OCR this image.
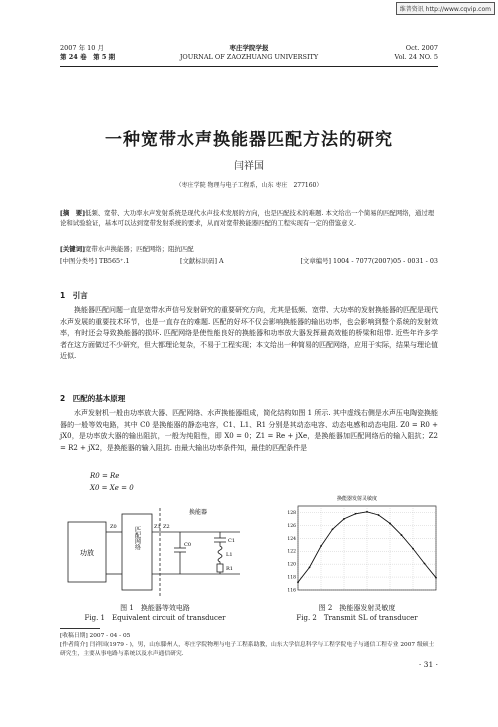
维普资讯 http://www.cqvip.com
2007 年 10 月
第 24 卷　第 5 期
枣庄学院学报
JOURNAL OF ZAOZHUANG UNIVERSITY
Oct. 2007
Vol. 24 NO. 5
一种宽带水声换能器匹配方法的研究
闫祥国
（枣庄学院 物理与电子工程系，山东 枣庄　277160）
[摘　要]低频、宽带、大功率水声发射系统是现代水声技术发展的方向，也是匹配技术的难题. 本文给出一个简易的匹配网络，通过理论和试验验证，基本可以达到宽带发射系统的要求，从而对宽带换能器匹配的工程实现有一定的借鉴意义.
[关键词]宽带水声换能器；匹配网络；阻抗匹配
[中图分类号] TB565⁺.1	[文献标识码] A	[文章编号] 1004 - 7077(2007)05 - 0031 - 03
1　引言
换能器匹配问题一直是宽带水声信号发射研究的重要研究方向，尤其是低频、宽带、大功率的发射换能器的匹配是现代水声发展的重要技术环节，也是一直存在的难题. 匹配的好坏不仅会影响换能器的输出功率，也会影响到整个系统的发射效率，有时还会导致换能器的损坏. 匹配网络是使性能良好的换能器和功率放大器发挥最高效能的桥梁和纽带. 近些年许多学者在这方面做过不少研究，但大都理论复杂，不易于工程实现；本文给出一种简易的匹配网络，应用于实际，结果与理论值近似.
2　匹配的基本原理
水声发射机一般由功率放大器、匹配网络、水声换能器组成，简化结构如图 1 所示. 其中虚线右侧是水声压电陶瓷换能器的一般等效电路，其中 C0 是换能器的静态电容，C1、L1、R1 分别是其动态电容、动态电感和动态电阻. Z0 = R0 + jX0，是功率放大器的输出阻抗，一般为纯阻性，即 X0 = 0；Z1 = Re + jXe，是换能器加匹配网络后的输入阻抗；Z2 = R2 + jX2，是换能器的输入阻抗. 由最大输出功率条件知，最佳的匹配条件是
R0 = Re
X0 = Xe = 0
功放
匹配网络
换能器
Z0	Z1 Z2
C0
C1
L1
R1
图 1　换能器等效电路
Fig. 1　Equivalent circuit of transducer
换能器发射灵敏度
128
126
124
122
120
118
116
图 2　换能器发射灵敏度
Fig. 2　Transmit SL of transducer
[收稿日期] 2007 - 04 - 05
[作者简介] 闫祥国(1979 - )，男，山东滕州人，枣庄学院物理与电子工程系助教，山东大学信息科学与工程学院电子与通信工程专业 2007 级硕士研究生，主要从事电路与系统以及水声通信研究.
· 31 ·
